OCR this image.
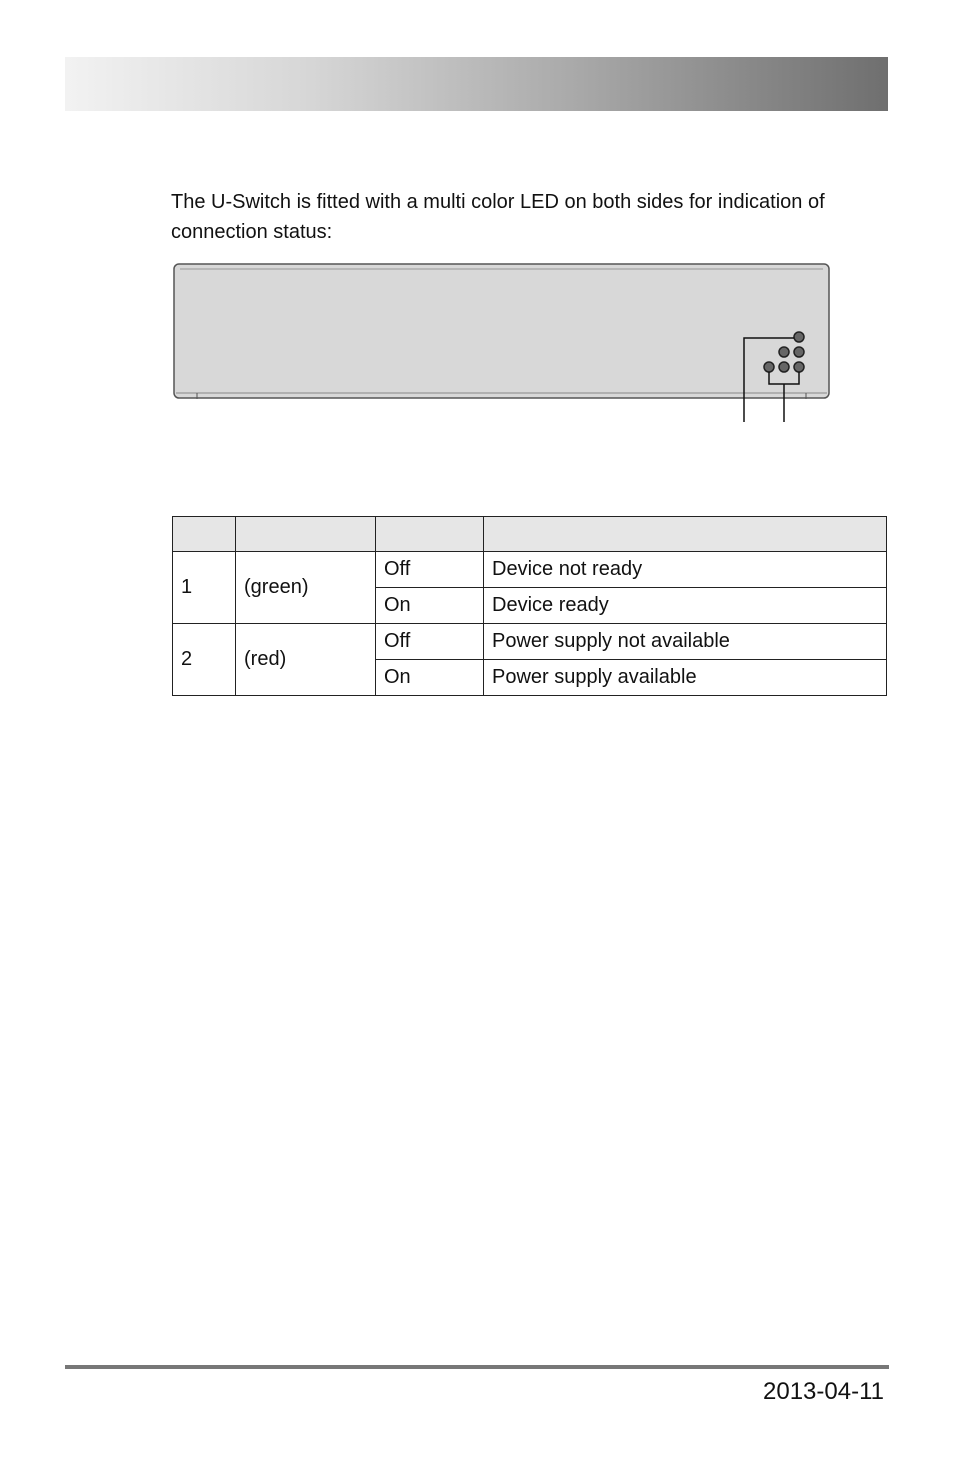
The U-Switch is fitted with a multi color LED on both sides for indication of
connection status:

1	(green)	Off	Device not ready
		On	Device ready
2	(red)	Off	Power supply not available
		On	Power supply available
2013-04-11
